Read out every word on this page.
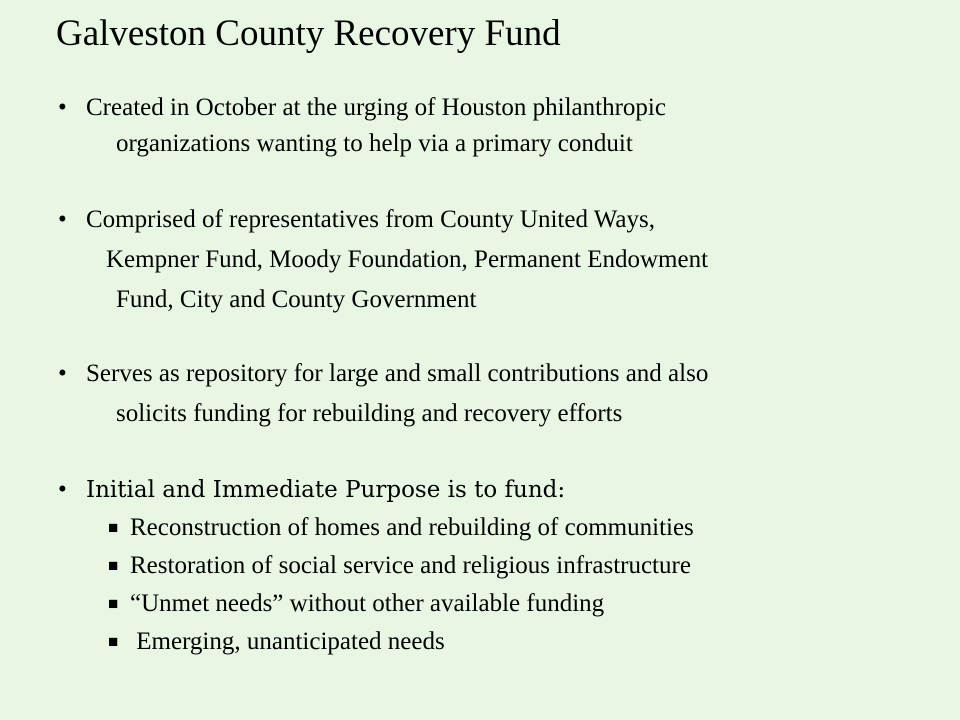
Galveston County Recovery Fund
• Created in October at the urging of Houston philanthropic
organizations wanting to help via a primary conduit
• Comprised of representatives from County United Ways,
Kempner Fund, Moody Foundation, Permanent Endowment
Fund, City and County Government
• Serves as repository for large and small contributions and also
solicits funding for rebuilding and recovery efforts
• Initial and Immediate Purpose is to fund:
■ Reconstruction of homes and rebuilding of communities
■ Restoration of social service and religious infrastructure
■ “Unmet needs” without other available funding
■ Emerging, unanticipated needs
